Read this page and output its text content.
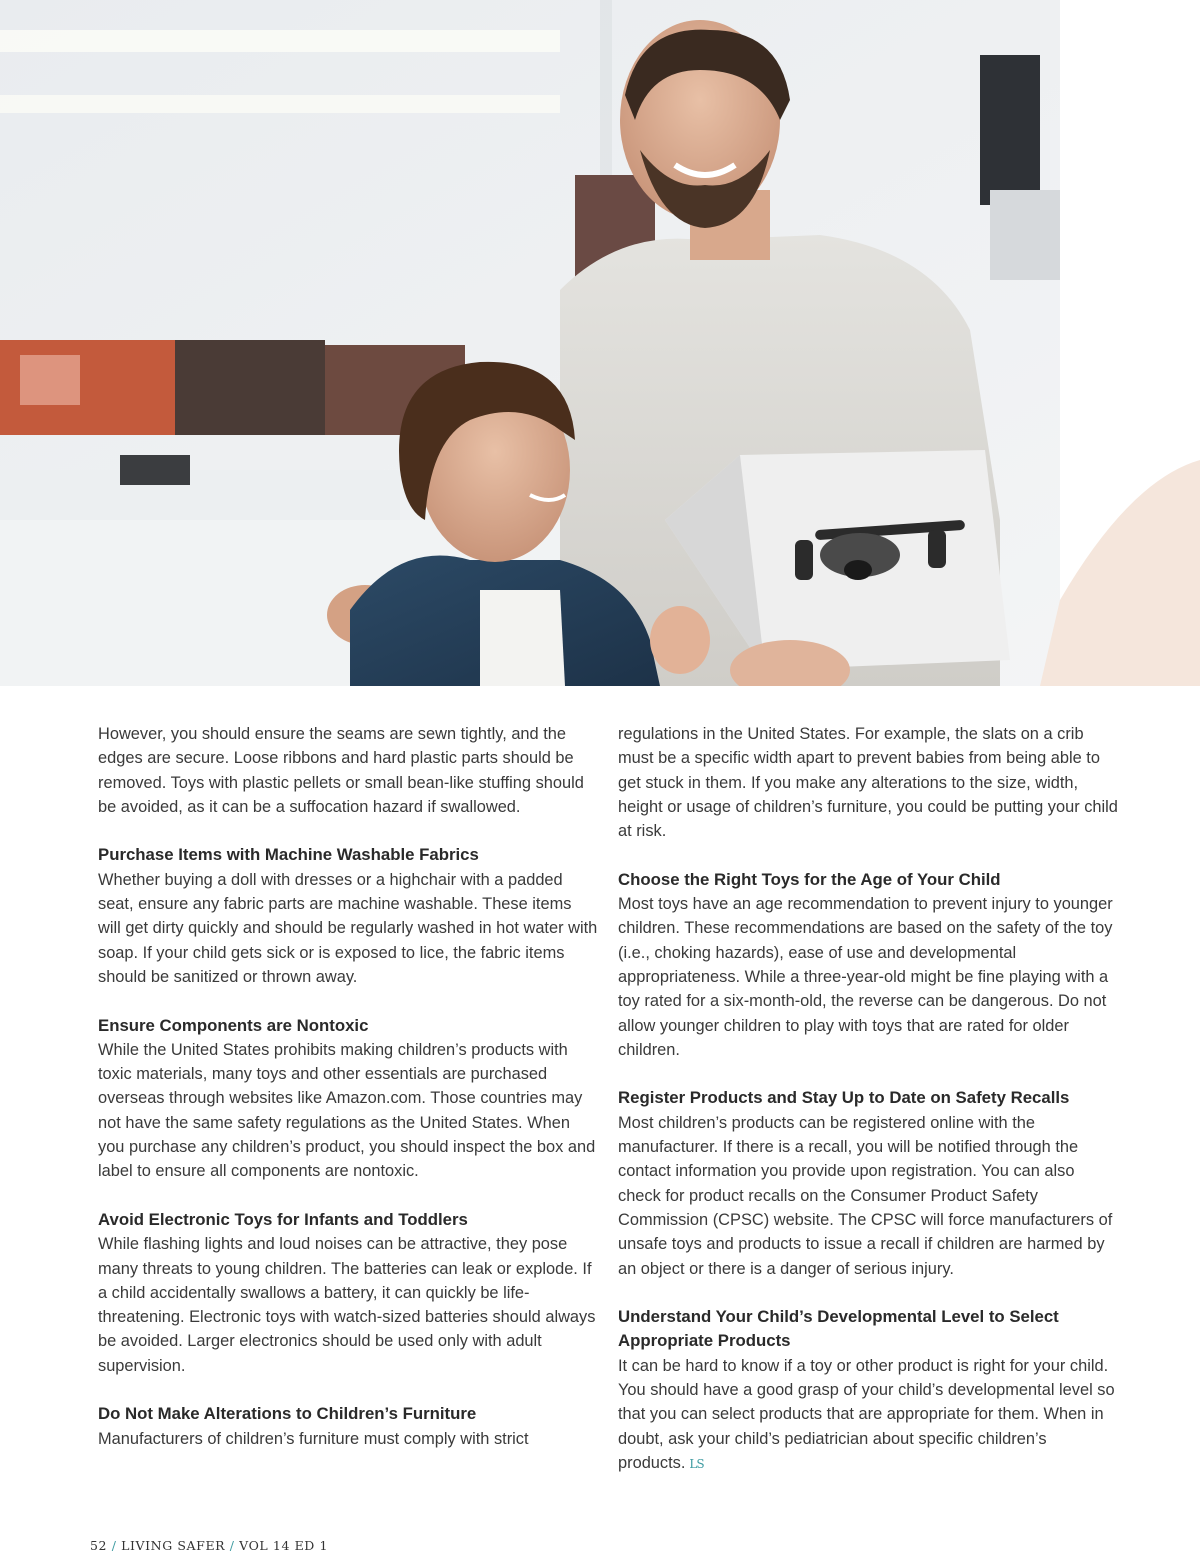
However, you should ensure the seams are sewn tightly, and the edges are secure. Loose ribbons and hard plastic parts should be removed. Toys with plastic pellets or small bean-like stuffing should be avoided, as it can be a suffocation hazard if swallowed.

Purchase Items with Machine Washable Fabrics

Whether buying a doll with dresses or a highchair with a padded seat, ensure any fabric parts are machine washable. These items will get dirty quickly and should be regularly washed in hot water with soap. If your child gets sick or is exposed to lice, the fabric items should be sanitized or thrown away.

Ensure Components are Nontoxic

While the United States prohibits making children’s products with toxic materials, many toys and other essentials are purchased overseas through websites like Amazon.com. Those countries may not have the same safety regulations as the United States. When you purchase any children’s product, you should inspect the box and label to ensure all components are nontoxic.

Avoid Electronic Toys for Infants and Toddlers

While flashing lights and loud noises can be attractive, they pose many threats to young children. The batteries can leak or explode. If a child accidentally swallows a battery, it can quickly be life-threatening. Electronic toys with watch-sized batteries should always be avoided. Larger electronics should be used only with adult supervision.

Do Not Make Alterations to Children’s Furniture

Manufacturers of children’s furniture must comply with strict

regulations in the United States. For example, the slats on a crib must be a specific width apart to prevent babies from being able to get stuck in them. If you make any alterations to the size, width, height or usage of children’s furniture, you could be putting your child at risk.

Choose the Right Toys for the Age of Your Child

Most toys have an age recommendation to prevent injury to younger children. These recommendations are based on the safety of the toy (i.e., choking hazards), ease of use and developmental appropriateness. While a three-year-old might be fine playing with a toy rated for a six-month-old, the reverse can be dangerous. Do not allow younger children to play with toys that are rated for older children.

Register Products and Stay Up to Date on Safety Recalls

Most children’s products can be registered online with the manufacturer. If there is a recall, you will be notified through the contact information you provide upon registration. You can also check for product recalls on the Consumer Product Safety Commission (CPSC) website. The CPSC will force manufacturers of unsafe toys and products to issue a recall if children are harmed by an object or there is a danger of serious injury.

Understand Your Child’s Developmental Level to Select Appropriate Products

It can be hard to know if a toy or other product is right for your child. You should have a good grasp of your child’s developmental level so that you can select products that are appropriate for them. When in doubt, ask your child’s pediatrician about specific children’s products. LS

52 / LIVING SAFER / VOL 14 ED 1
